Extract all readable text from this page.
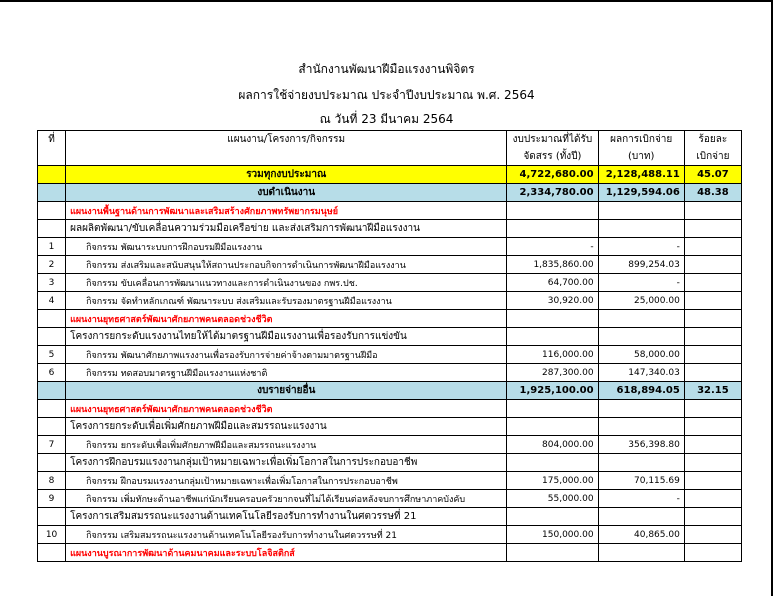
สำนักงานพัฒนาฝีมือแรงงานพิจิตร
ผลการใช้จ่ายงบประมาณ ประจำปีงบประมาณ พ.ศ. 2564
ณ วันที่ 23 มีนาคม 2564
ที่	แผนงาน/โครงการ/กิจกรรม	งบประมาณที่ได้รับ	ผลการเบิกจ่าย	ร้อยละ
		จัดสรร (ทั้งปี)	(บาท)	เบิกจ่าย
	รวมทุกงบประมาณ	4,722,680.00	2,128,488.11	45.07
	งบดำเนินงาน	2,334,780.00	1,129,594.06	48.38
	แผนงานพื้นฐานด้านการพัฒนาและเสริมสร้างศักยภาพทรัพยากรมนุษย์			
	ผลผลิตพัฒนา/ขับเคลื่อนความร่วมมือเครือข่าย และส่งเสริมการพัฒนาฝีมือแรงงาน			
1	กิจกรรม พัฒนาระบบการฝึกอบรมฝีมือแรงงาน	-	-	
2	กิจกรรม ส่งเสริมและสนับสนุนให้สถานประกอบกิจการดำเนินการพัฒนาฝีมือแรงงาน	1,835,860.00	899,254.03	
3	กิจกรรม ขับเคลื่อนการพัฒนาแนวทางและการดำเนินงานของ กพร.ปช.	64,700.00	-	
4	กิจกรรม จัดทำหลักเกณฑ์ พัฒนาระบบ ส่งเสริมและรับรองมาตรฐานฝีมือแรงงาน	30,920.00	25,000.00	
	แผนงานยุทธศาสตร์พัฒนาศักยภาพคนตลอดช่วงชีวิต			
	โครงการยกระดับแรงงานไทยให้ได้มาตรฐานฝีมือแรงงานเพื่อรองรับการแข่งขัน			
5	กิจกรรม พัฒนาศักยภาพแรงงานเพื่อรองรับการจ่ายค่าจ้างตามมาตรฐานฝีมือ	116,000.00	58,000.00	
6	กิจกรรม ทดสอบมาตรฐานฝีมือแรงงานแห่งชาติ	287,300.00	147,340.03	
	งบรายจ่ายอื่น	1,925,100.00	618,894.05	32.15
	แผนงานยุทธศาสตร์พัฒนาศักยภาพคนตลอดช่วงชีวิต			
	โครงการยกระดับเพื่อเพิ่มศักยภาพฝีมือและสมรรถนะแรงงาน			
7	กิจกรรม ยกระดับเพื่อเพิ่มศักยภาพฝีมือและสมรรถนะแรงงาน	804,000.00	356,398.80	
	โครงการฝึกอบรมแรงงานกลุ่มเป้าหมายเฉพาะเพื่อเพิ่มโอกาสในการประกอบอาชีพ			
8	กิจกรรม ฝึกอบรมแรงงานกลุ่มเป้าหมายเฉพาะเพื่อเพิ่มโอกาสในการประกอบอาชีพ	175,000.00	70,115.69	
9	กิจกรรม เพิ่มทักษะด้านอาชีพแก่นักเรียนครอบครัวยากจนที่ไม่ได้เรียนต่อหลังจบการศึกษาภาคบังคับ	55,000.00	-	
	โครงการเสริมสมรรถนะแรงงานด้านเทคโนโลยีรองรับการทำงานในศตวรรษที่ 21			
10	กิจกรรม เสริมสมรรถนะแรงงานด้านเทคโนโลยีรองรับการทำงานในศตวรรษที่ 21	150,000.00	40,865.00	
	แผนงานบูรณาการพัฒนาด้านคมนาคมและระบบโลจิสติกส์			
